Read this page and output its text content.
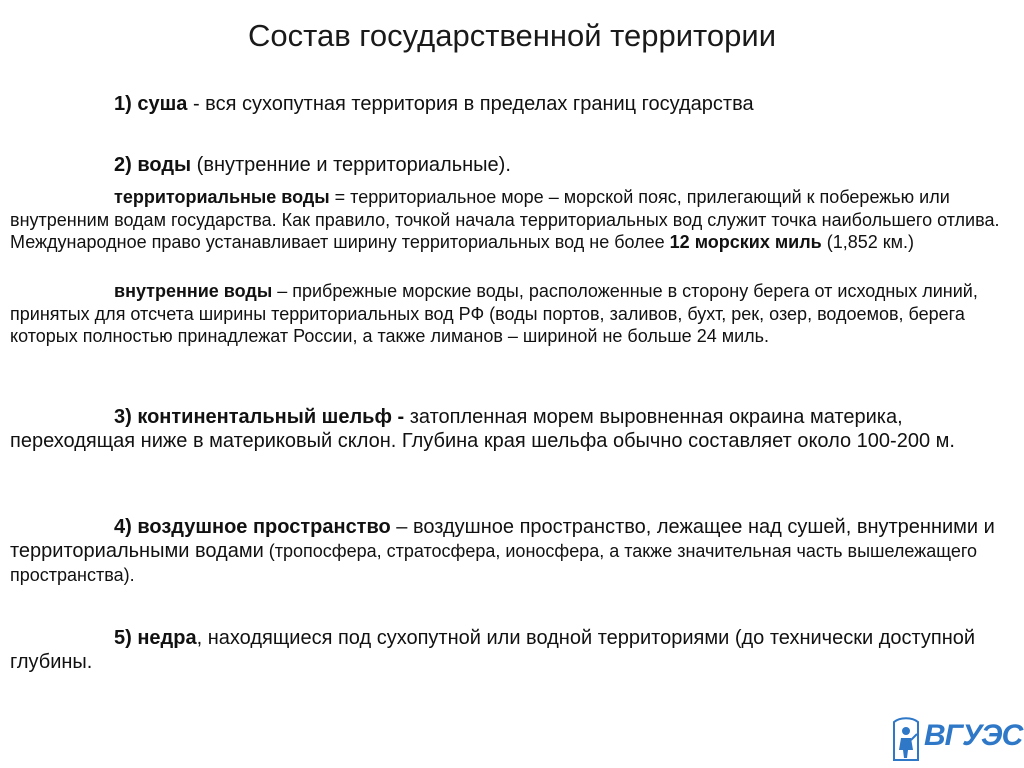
Состав государственной территории

1) суша - вся сухопутная территория в пределах границ государства

2) воды (внутренние и территориальные).

территориальные воды = территориальное море – морской пояс, прилегающий к побережью или внутренним водам государства. Как правило, точкой начала территориальных вод служит точка наибольшего отлива. Международное право устанавливает ширину территориальных вод не более 12 морских миль (1,852 км.)

внутренние воды – прибрежные морские воды, расположенные в сторону берега от исходных линий, принятых для отсчета ширины территориальных вод РФ (воды портов, заливов, бухт, рек, озер, водоемов, берега которых полностью принадлежат России, а также лиманов – шириной не больше 24 миль.

3) континентальный шельф - затопленная морем выровненная окраина материка, переходящая ниже в материковый склон. Глубина края шельфа обычно составляет около 100-200 м.

4) воздушное пространство – воздушное пространство, лежащее над сушей, внутренними и территориальными водами (тропосфера, стратосфера, ионосфера, а также значительная часть вышележащего пространства).

5) недра, находящиеся под сухопутной или водной территориями (до технически доступной глубины.

ВГУЭС
